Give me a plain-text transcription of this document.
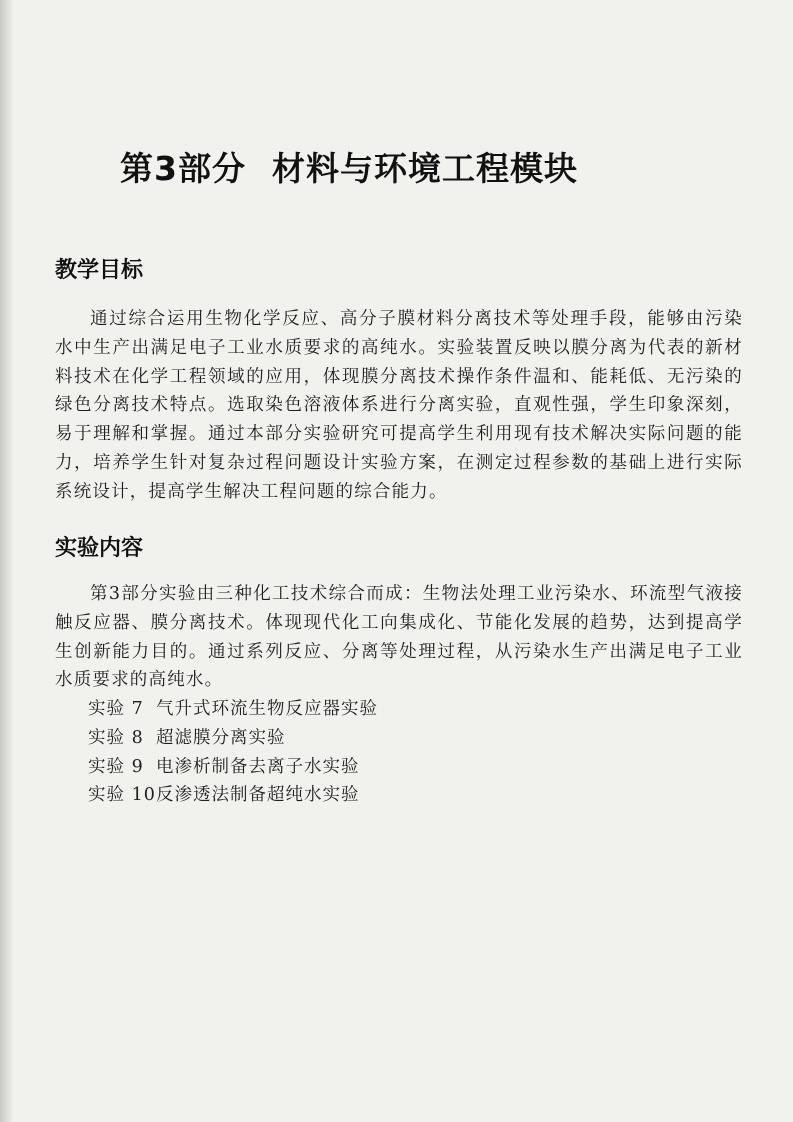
第3部分 材料与环境工程模块
教学目标

通过综合运用生物化学反应、高分子膜材料分离技术等处理手段，能够由污染水中生产出满足电子工业水质要求的高纯水。实验装置反映以膜分离为代表的新材料技术在化学工程领域的应用，体现膜分离技术操作条件温和、能耗低、无污染的绿色分离技术特点。选取染色溶液体系进行分离实验，直观性强，学生印象深刻，易于理解和掌握。通过本部分实验研究可提高学生利用现有技术解决实际问题的能力，培养学生针对复杂过程问题设计实验方案，在测定过程参数的基础上进行实际系统设计，提高学生解决工程问题的综合能力。

实验内容

第3部分实验由三种化工技术综合而成：生物法处理工业污染水、环流型气液接触反应器、膜分离技术。体现现代化工向集成化、节能化发展的趋势，达到提高学生创新能力目的。通过系列反应、分离等处理过程，从污染水生产出满足电子工业水质要求的高纯水。

实验 7 气升式环流生物反应器实验
实验 8 超滤膜分离实验
实验 9 电渗析制备去离子水实验
实验 10反渗透法制备超纯水实验
